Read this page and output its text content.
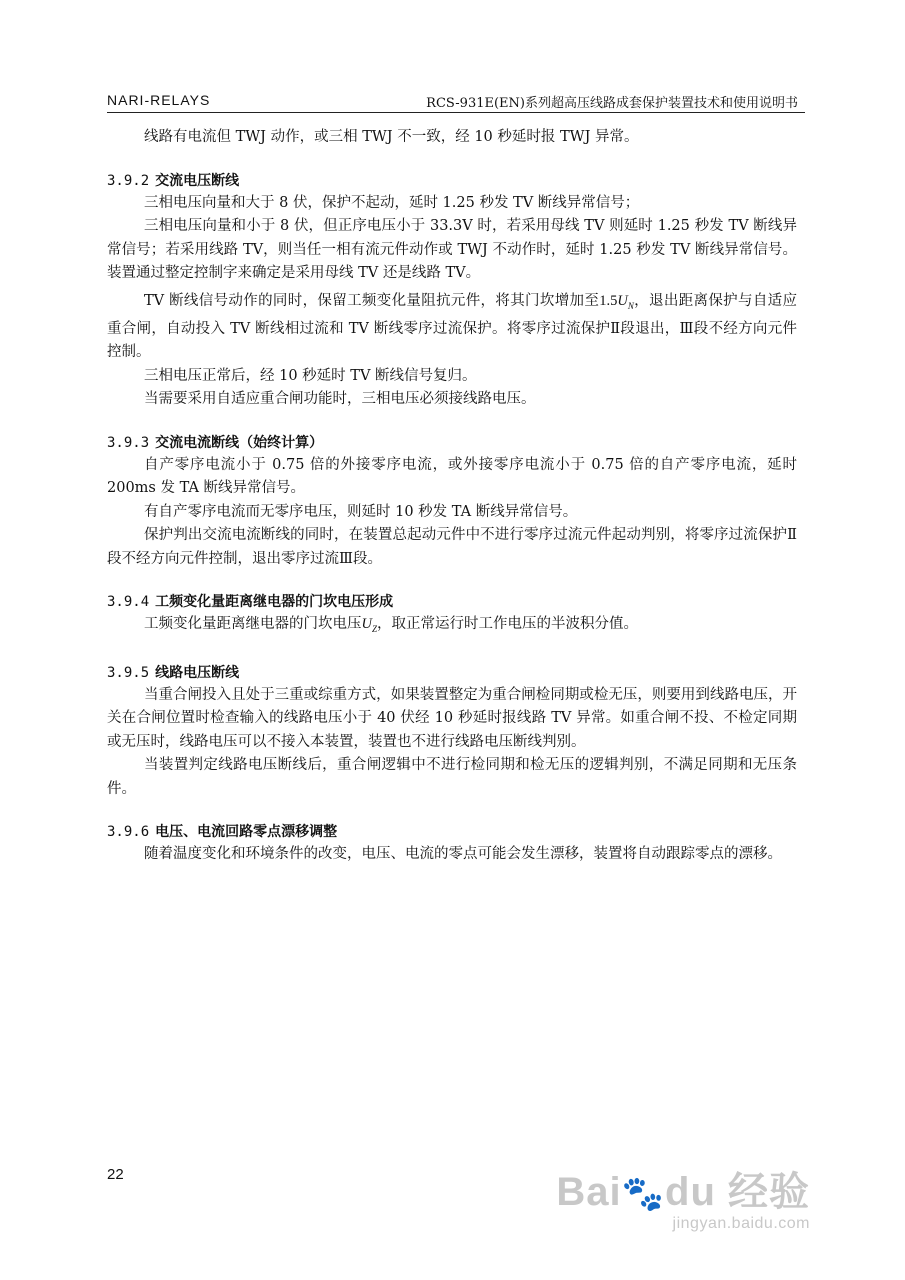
NARI-RELAYS	RCS-931E(EN)系列超高压线路成套保护装置技术和使用说明书
线路有电流但 TWJ 动作，或三相 TWJ 不一致，经 10 秒延时报 TWJ 异常。
3.9.2 交流电压断线
三相电压向量和大于 8 伏，保护不起动，延时 1.25 秒发 TV 断线异常信号；
三相电压向量和小于 8 伏，但正序电压小于 33.3V 时，若采用母线 TV 则延时 1.25 秒发 TV 断线异常信号；若采用线路 TV，则当任一相有流元件动作或 TWJ 不动作时，延时 1.25 秒发 TV 断线异常信号。装置通过整定控制字来确定是采用母线 TV 还是线路 TV。
TV 断线信号动作的同时，保留工频变化量阻抗元件，将其门坎增加至$1.5U_N$，退出距离保护与自适应重合闸，自动投入 TV 断线相过流和 TV 断线零序过流保护。将零序过流保护Ⅱ段退出，Ⅲ段不经方向元件控制。
三相电压正常后，经 10 秒延时 TV 断线信号复归。
当需要采用自适应重合闸功能时，三相电压必须接线路电压。
3.9.3 交流电流断线（始终计算）
自产零序电流小于 0.75 倍的外接零序电流，或外接零序电流小于 0.75 倍的自产零序电流，延时 200ms 发 TA 断线异常信号。
有自产零序电流而无零序电压，则延时 10 秒发 TA 断线异常信号。
保护判出交流电流断线的同时，在装置总起动元件中不进行零序过流元件起动判别，将零序过流保护Ⅱ段不经方向元件控制，退出零序过流Ⅲ段。
3.9.4 工频变化量距离继电器的门坎电压形成
工频变化量距离继电器的门坎电压$U_Z$，取正常运行时工作电压的半波积分值。
3.9.5 线路电压断线
当重合闸投入且处于三重或综重方式，如果装置整定为重合闸检同期或检无压，则要用到线路电压，开关在合闸位置时检查输入的线路电压小于 40 伏经 10 秒延时报线路 TV 异常。如重合闸不投、不检定同期或无压时，线路电压可以不接入本装置，装置也不进行线路电压断线判别。
当装置判定线路电压断线后，重合闸逻辑中不进行检同期和检无压的逻辑判别，不满足同期和无压条件。
3.9.6 电压、电流回路零点漂移调整
随着温度变化和环境条件的改变，电压、电流的零点可能会发生漂移，装置将自动跟踪零点的漂移。
22	Bai🐾du 经验
jingyan.baidu.com
